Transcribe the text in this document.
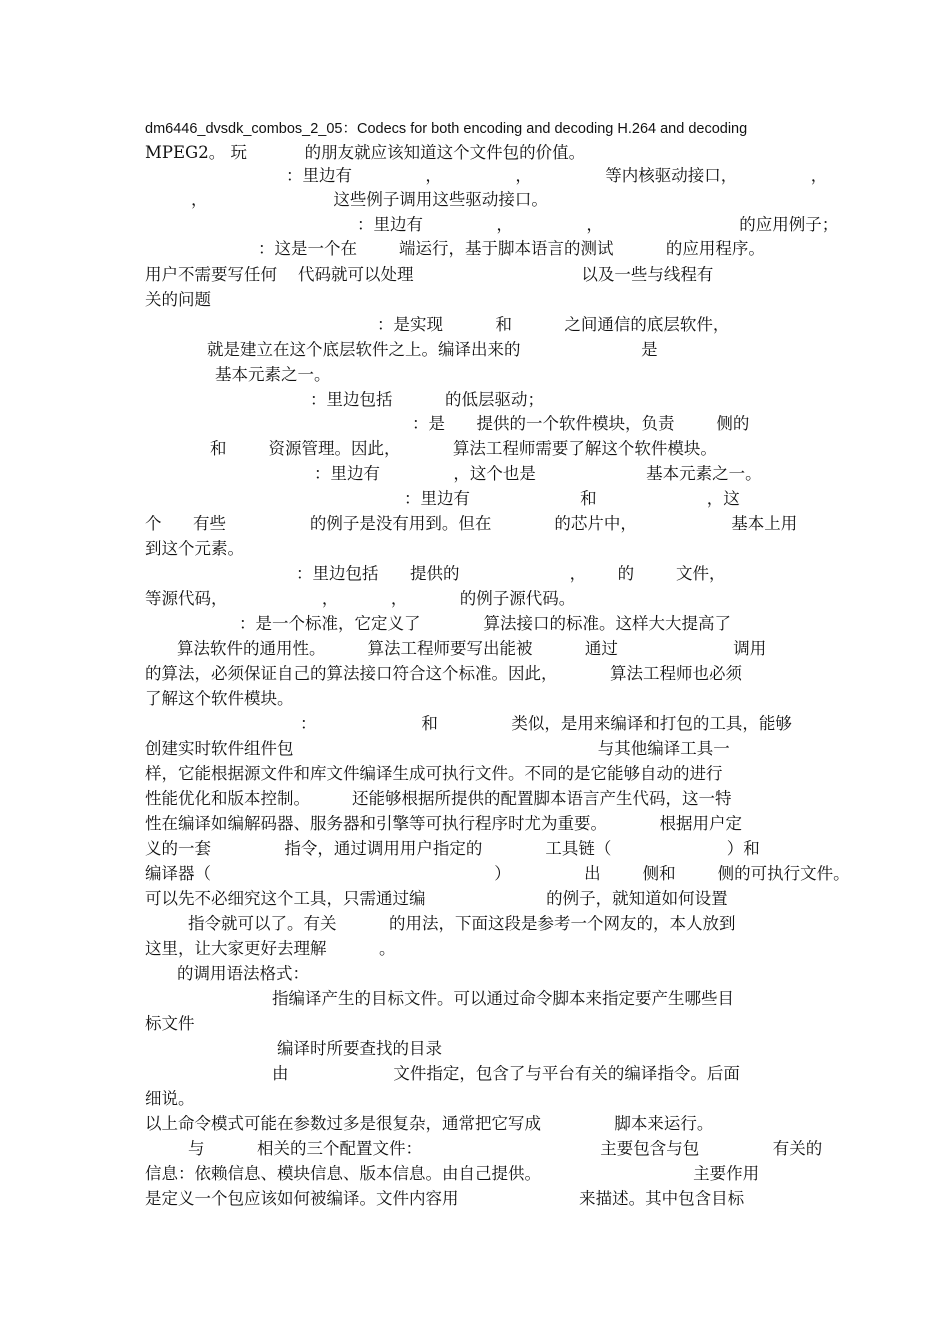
dm6446_dvsdk_combos_2_05：Codecs for both encoding and decoding H.264 and decoding
MPEG2。 玩           的朋友就应该知道这个文件包的价值。
：里边有              ，              ，              等内核驱动接口，              ，
，                        这些例子调用这些驱动接口。
：里边有              ，              ，                          的应用例子；
：这是一个在        端运行，基于脚本语言的测试          的应用程序。
用户不需要写任何    代码就可以处理                                以及一些与线程有
关的问题
：是实现          和          之间通信的底层软件，
就是建立在这个底层软件之上。编译出来的                       是
基本元素之一。
：里边包括          的低层驱动；
：是      提供的一个软件模块，负责        侧的
和        资源管理。因此，          算法工程师需要了解这个软件模块。
：里边有              ，这个也是                     基本元素之一。
：里边有                     和                     ，这
个      有些                的例子是没有用到。但在            的芯片中，                  基本上用
到这个元素。
：里边包括      提供的                     ，      的        文件，
等源代码，                  ，          ，          的例子源代码。
：是一个标准，它定义了            算法接口的标准。这样大大提高了
算法软件的通用性。        算法工程师要写出能被          通过                      调用
的算法，必须保证自己的算法接口符合这个标准。因此，          算法工程师也必须
了解这个软件模块。
：                    和              类似，是用来编译和打包的工具，能够
创建实时软件组件包                                                          与其他编译工具一
样，它能根据源文件和库文件编译生成可执行文件。不同的是它能够自动的进行
性能优化和版本控制。        还能够根据所提供的配置脚本语言产生代码，这一特
性在编译如编解码器、服务器和引擎等可执行程序时尤为重要。          根据用户定
义的一套              指令，通过调用用户指定的            工具链（                      ）和
编译器（                                                      ）              出        侧和        侧的可执行文件。
可以先不必细究这个工具，只需通过编                       的例子，就知道如何设置
指令就可以了。有关          的用法，下面这段是参考一个网友的，本人放到
这里，让大家更好去理解          。
的调用语法格式：
指编译产生的目标文件。可以通过命令脚本来指定要产生哪些目
标文件
编译时所要查找的目录
由                    文件指定，包含了与平台有关的编译指令。后面
细说。
以上命令模式可能在参数过多是很复杂，通常把它写成              脚本来运行。
与          相关的三个配置文件：                                  主要包含与包              有关的
信息：依赖信息、模块信息、版本信息。由自己提供。                             主要作用
是定义一个包应该如何被编译。文件内容用                       来描述。其中包含目标
